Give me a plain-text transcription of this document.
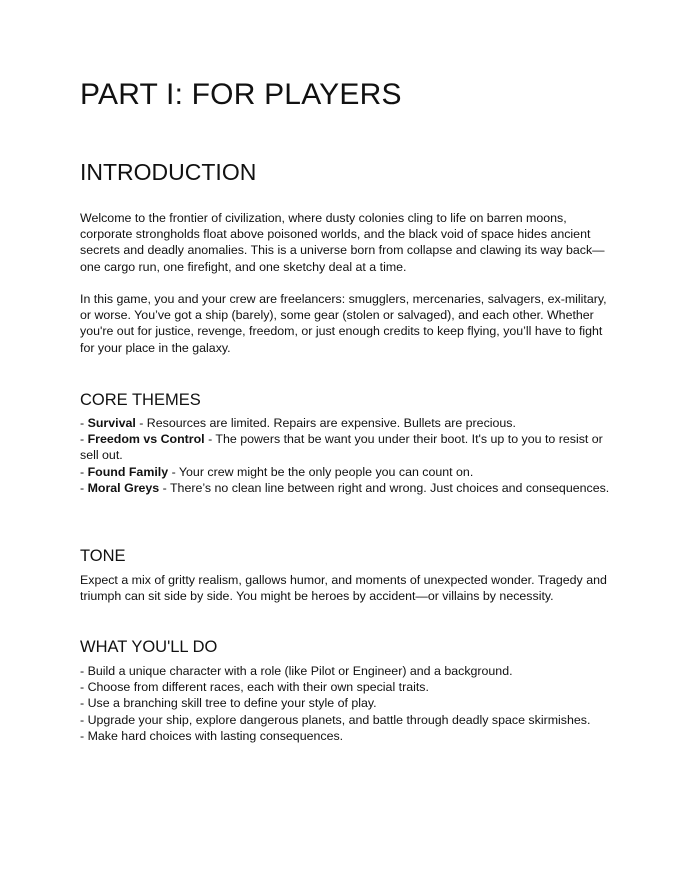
PART I: FOR PLAYERS
INTRODUCTION

Welcome to the frontier of civilization, where dusty colonies cling to life on barren moons, corporate strongholds float above poisoned worlds, and the black void of space hides ancient secrets and deadly anomalies. This is a universe born from collapse and clawing its way back—one cargo run, one firefight, and one sketchy deal at a time.

In this game, you and your crew are freelancers: smugglers, mercenaries, salvagers, ex-military, or worse. You’ve got a ship (barely), some gear (stolen or salvaged), and each other. Whether you're out for justice, revenge, freedom, or just enough credits to keep flying, you’ll have to fight for your place in the galaxy.

CORE THEMES
- Survival - Resources are limited. Repairs are expensive. Bullets are precious.
- Freedom vs Control - The powers that be want you under their boot. It's up to you to resist or sell out.
- Found Family - Your crew might be the only people you can count on.
- Moral Greys - There’s no clean line between right and wrong. Just choices and consequences.
TONE

Expect a mix of gritty realism, gallows humor, and moments of unexpected wonder. Tragedy and triumph can sit side by side. You might be heroes by accident—or villains by necessity.

WHAT YOU'LL DO
- Build a unique character with a role (like Pilot or Engineer) and a background.
- Choose from different races, each with their own special traits.
- Use a branching skill tree to define your style of play.
- Upgrade your ship, explore dangerous planets, and battle through deadly space skirmishes.
- Make hard choices with lasting consequences.
